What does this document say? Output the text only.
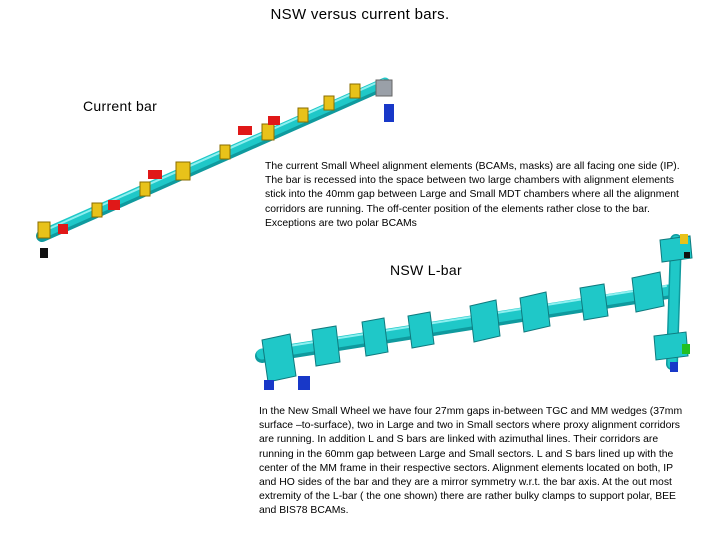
NSW versus current bars.
Current bar
The current Small Wheel alignment elements (BCAMs, masks) are all facing one side (IP). The bar is recessed into the space between two large chambers with alignment elements stick into the 40mm gap between Large and Small MDT chambers where all the alignment corridors are running. The off-center position of the elements rather close to the bar. Exceptions are two polar BCAMs
NSW L-bar
In the New Small Wheel we have four 27mm gaps in-between TGC and MM wedges (37mm surface –to-surface), two in Large and two in Small sectors where proxy alignment corridors are running. In addition L and S bars are linked with azimuthal lines. Their corridors are running in the 60mm gap between Large and Small sectors. L and S bars lined up with the center of the MM frame in their respective sectors. Alignment elements located on both, IP and HO sides of the bar and they are a mirror symmetry w.r.t. the bar axis. At the out most extremity of the L-bar ( the one shown) there are rather bulky clamps to support polar, BEE and BIS78 BCAMs.
